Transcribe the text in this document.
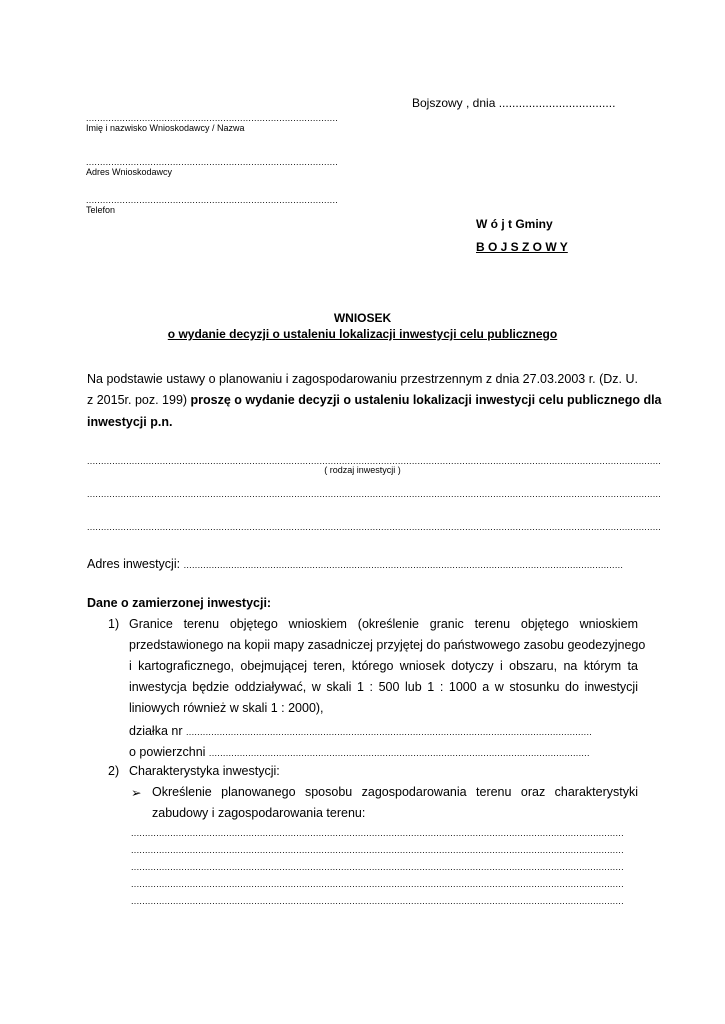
Bojszowy , dnia ...................................
..........................................................................................
Imię i nazwisko Wnioskodawcy / Nazwa
..........................................................................................
Adres Wnioskodawcy
..........................................................................................
Telefon
W ó j t Gminy
B O J S Z O W Y
WNIOSEK
o wydanie decyzji o ustaleniu lokalizacji inwestycji celu publicznego
Na podstawie ustawy o planowaniu i zagospodarowaniu przestrzennym z dnia 27.03.2003 r. (Dz. U.
z 2015r. poz. 199) proszę o wydanie decyzji o ustaleniu lokalizacji inwestycji celu publicznego dla
inwestycji p.n.
.............................................................................................................................................................................................................
( rodzaj inwestycji )
.............................................................................................................................................................................................................
.............................................................................................................................................................................................................
Adres inwestycji: .............................................................................................................................................................
Dane o zamierzonej inwestycji:
1) Granice terenu objętego wnioskiem (określenie granic terenu objętego wnioskiem
przedstawionego na kopii mapy zasadniczej przyjętej do państwowego zasobu geodezyjnego
i kartograficznego, obejmującej teren, którego wniosek dotyczy i obszaru, na którym ta
inwestycja będzie oddziaływać, w skali 1 : 500 lub 1 : 1000 a w stosunku do inwestycji
liniowych również w skali 1 : 2000),
działka nr .................................................................................................................................................
o powierzchni ........................................................................................................................................
2) Charakterystyka inwestycji:
➢ Określenie planowanego sposobu zagospodarowania terenu oraz charakterystyki
zabudowy i zagospodarowania terenu:
................................................................................................................................................................................
................................................................................................................................................................................
................................................................................................................................................................................
................................................................................................................................................................................
................................................................................................................................................................................
